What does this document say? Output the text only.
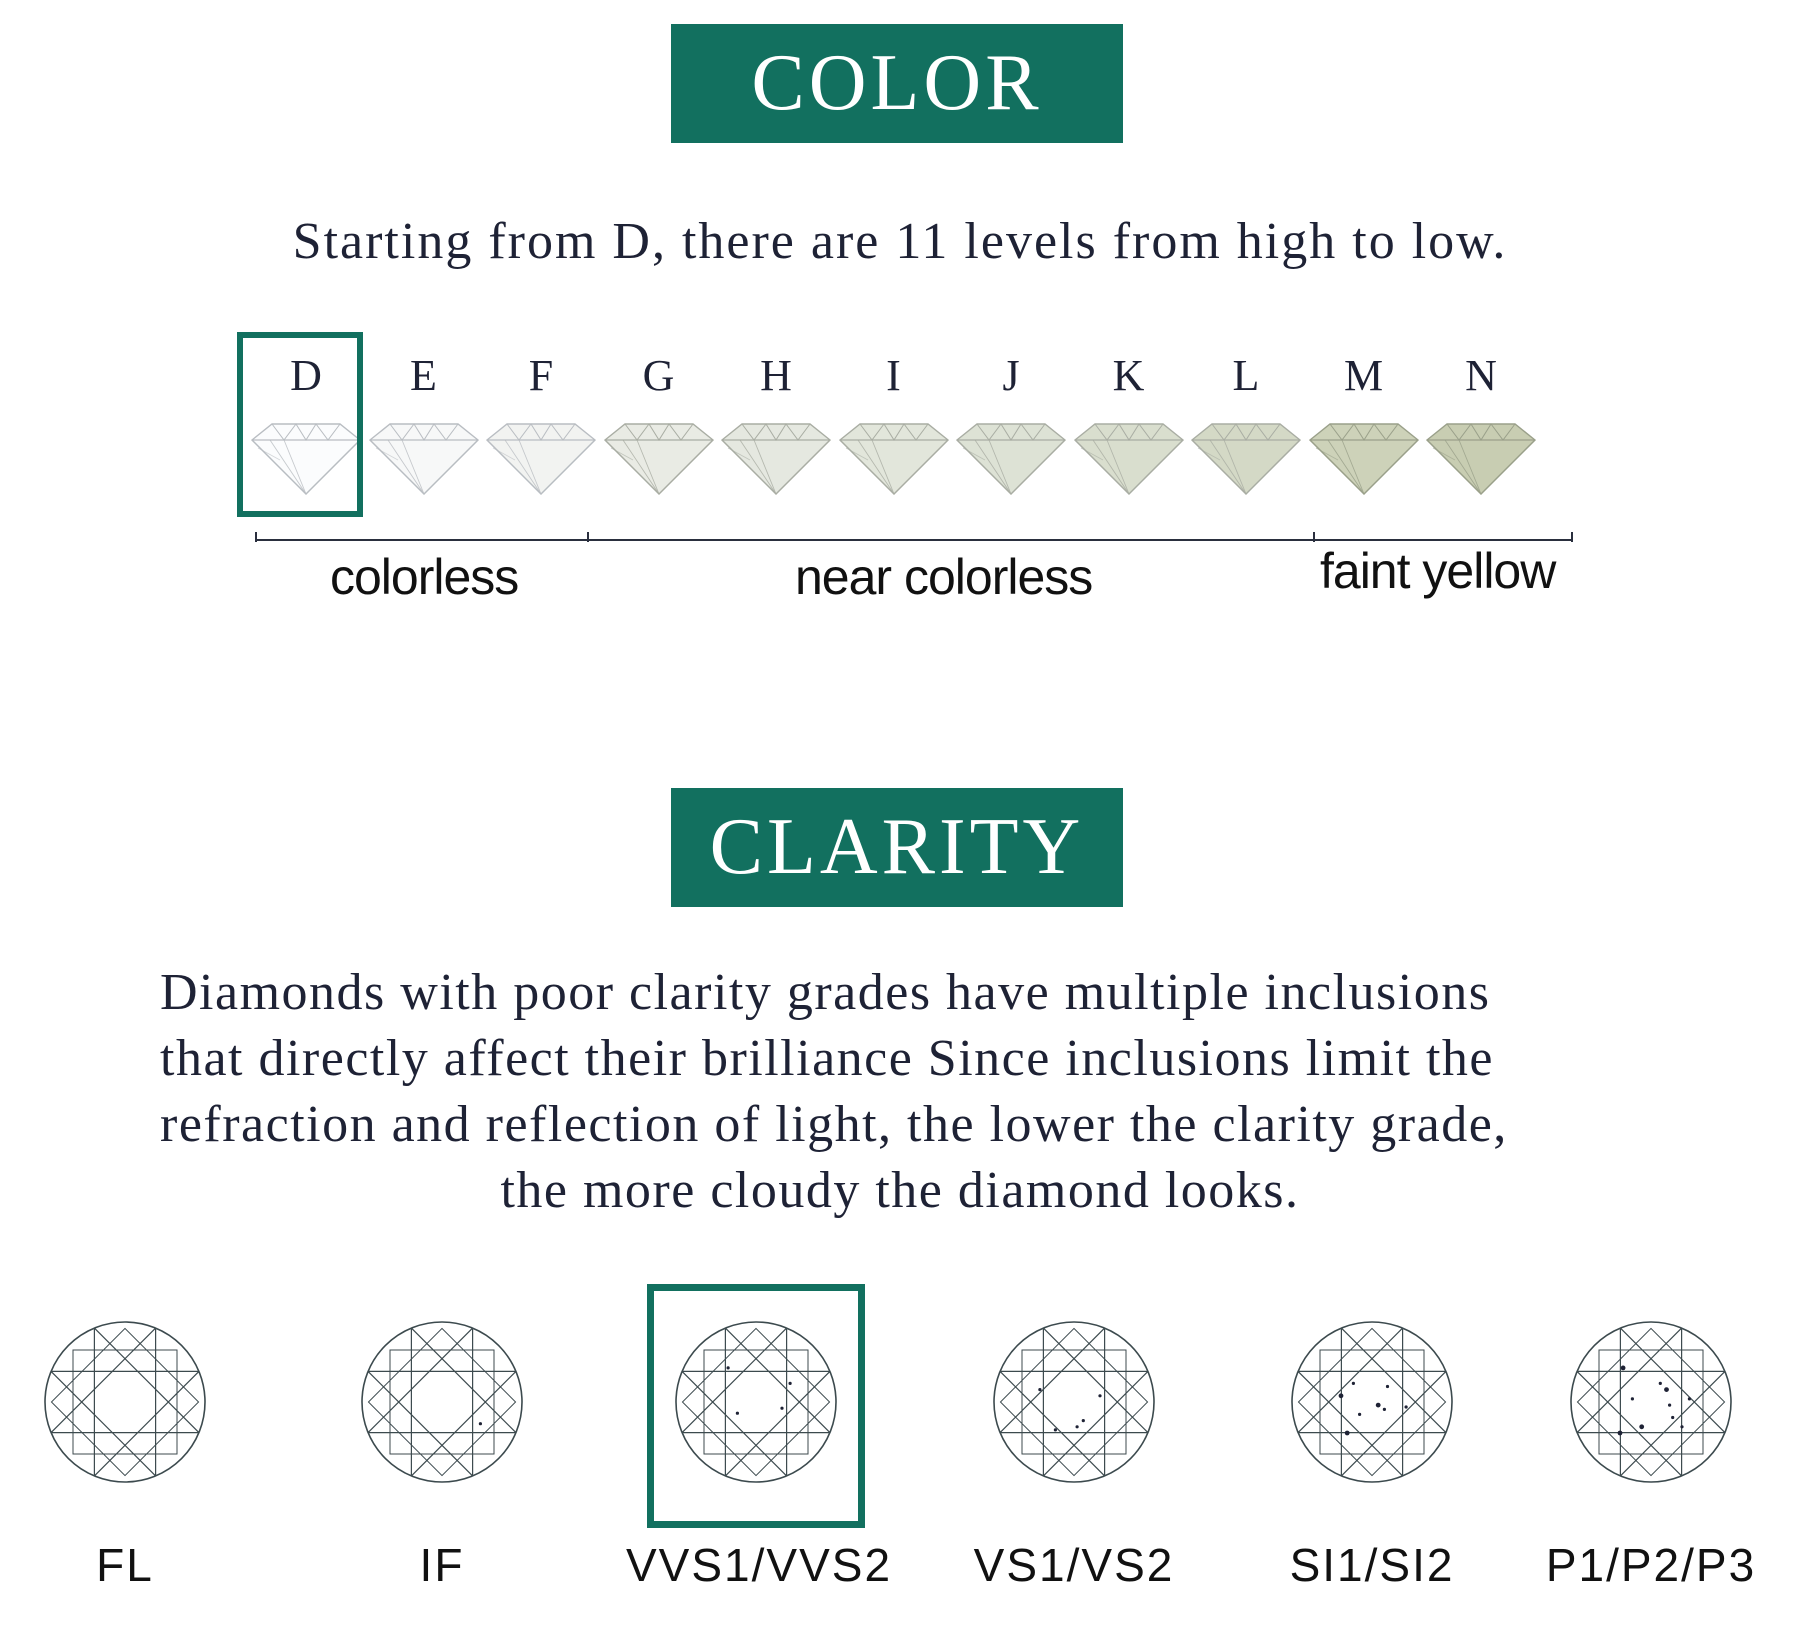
COLOR

Starting from D, there are 11 levels from high to low.

D	E	F	G	H	I	J	K	L	M	N
colorless	near colorless	faint yellow
CLARITY
Diamonds with poor clarity grades have multiple inclusions
that directly affect their brilliance Since inclusions limit the
refraction and reflection of light, the lower the clarity grade,
the more cloudy the diamond looks.
FL	IF	VVS1/VVS2	VS1/VS2	SI1/SI2	P1/P2/P3
